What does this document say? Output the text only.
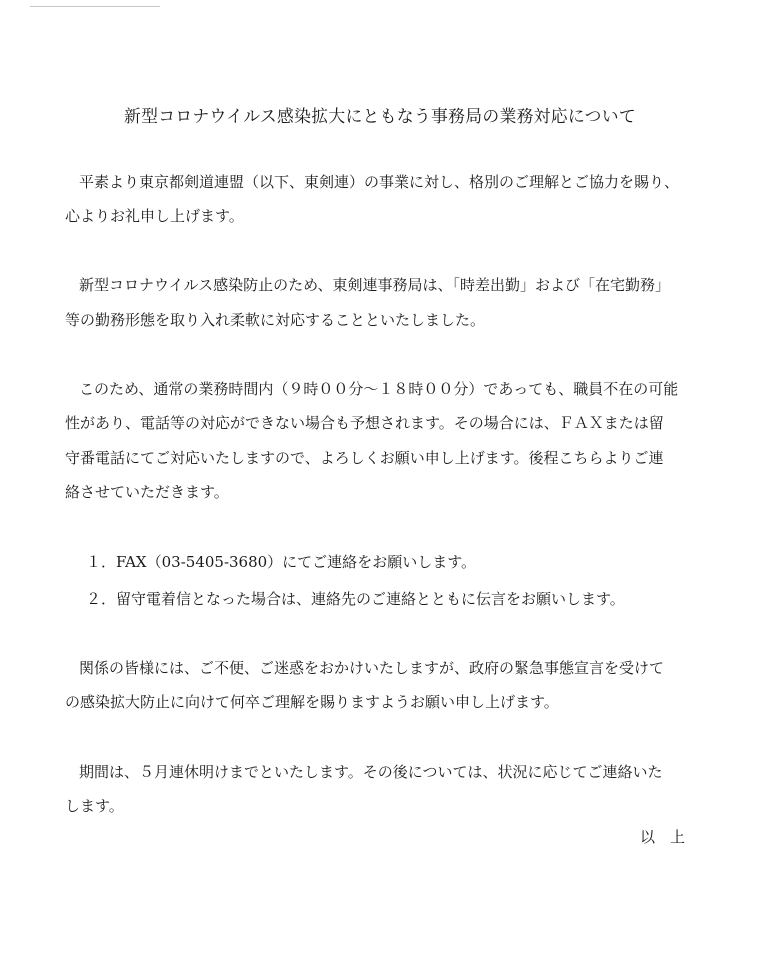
新型コロナウイルス感染拡大にともなう事務局の業務対応について
平素より東京都剣道連盟（以下、東剣連）の事業に対し、格別のご理解とご協力を賜り、
心よりお礼申し上げます。
新型コロナウイルス感染防止のため、東剣連事務局は、「時差出勤」および「在宅勤務」
等の勤務形態を取り入れ柔軟に対応することといたしました。
このため、通常の業務時間内（９時００分～１８時００分）であっても、職員不在の可能
性があり、電話等の対応ができない場合も予想されます。その場合には、ＦＡＸまたは留
守番電話にてご対応いたしますので、よろしくお願い申し上げます。後程こちらよりご連
絡させていただきます。
１．FAX（03-5405-3680）にてご連絡をお願いします。
２．留守電着信となった場合は、連絡先のご連絡とともに伝言をお願いします。
関係の皆様には、ご不便、ご迷惑をおかけいたしますが、政府の緊急事態宣言を受けて
の感染拡大防止に向けて何卒ご理解を賜りますようお願い申し上げます。
期間は、５月連休明けまでといたします。その後については、状況に応じてご連絡いた
します。
以　上
